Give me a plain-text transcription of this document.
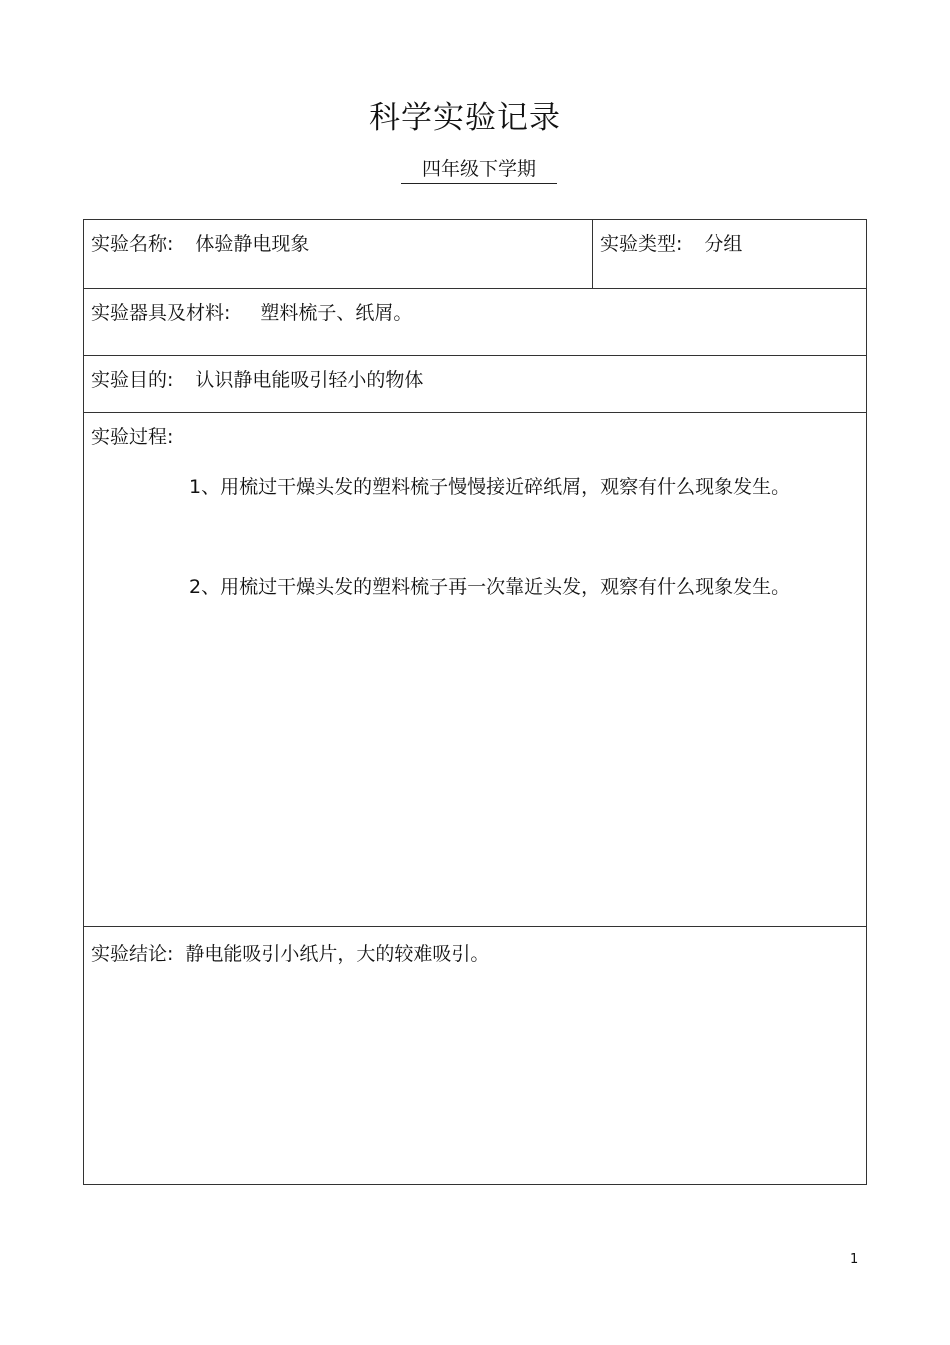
科学实验记录
四年级下学期
实验名称: 体验静电现象	实验类型: 分组
实验器具及材料: 塑料梳子、纸屑。
实验目的: 认识静电能吸引轻小的物体
实验过程:
1、用梳过干燥头发的塑料梳子慢慢接近碎纸屑，观察有什么现象发生。
2、用梳过干燥头发的塑料梳子再一次靠近头发，观察有什么现象发生。
实验结论: 静电能吸引小纸片，大的较难吸引。
1
